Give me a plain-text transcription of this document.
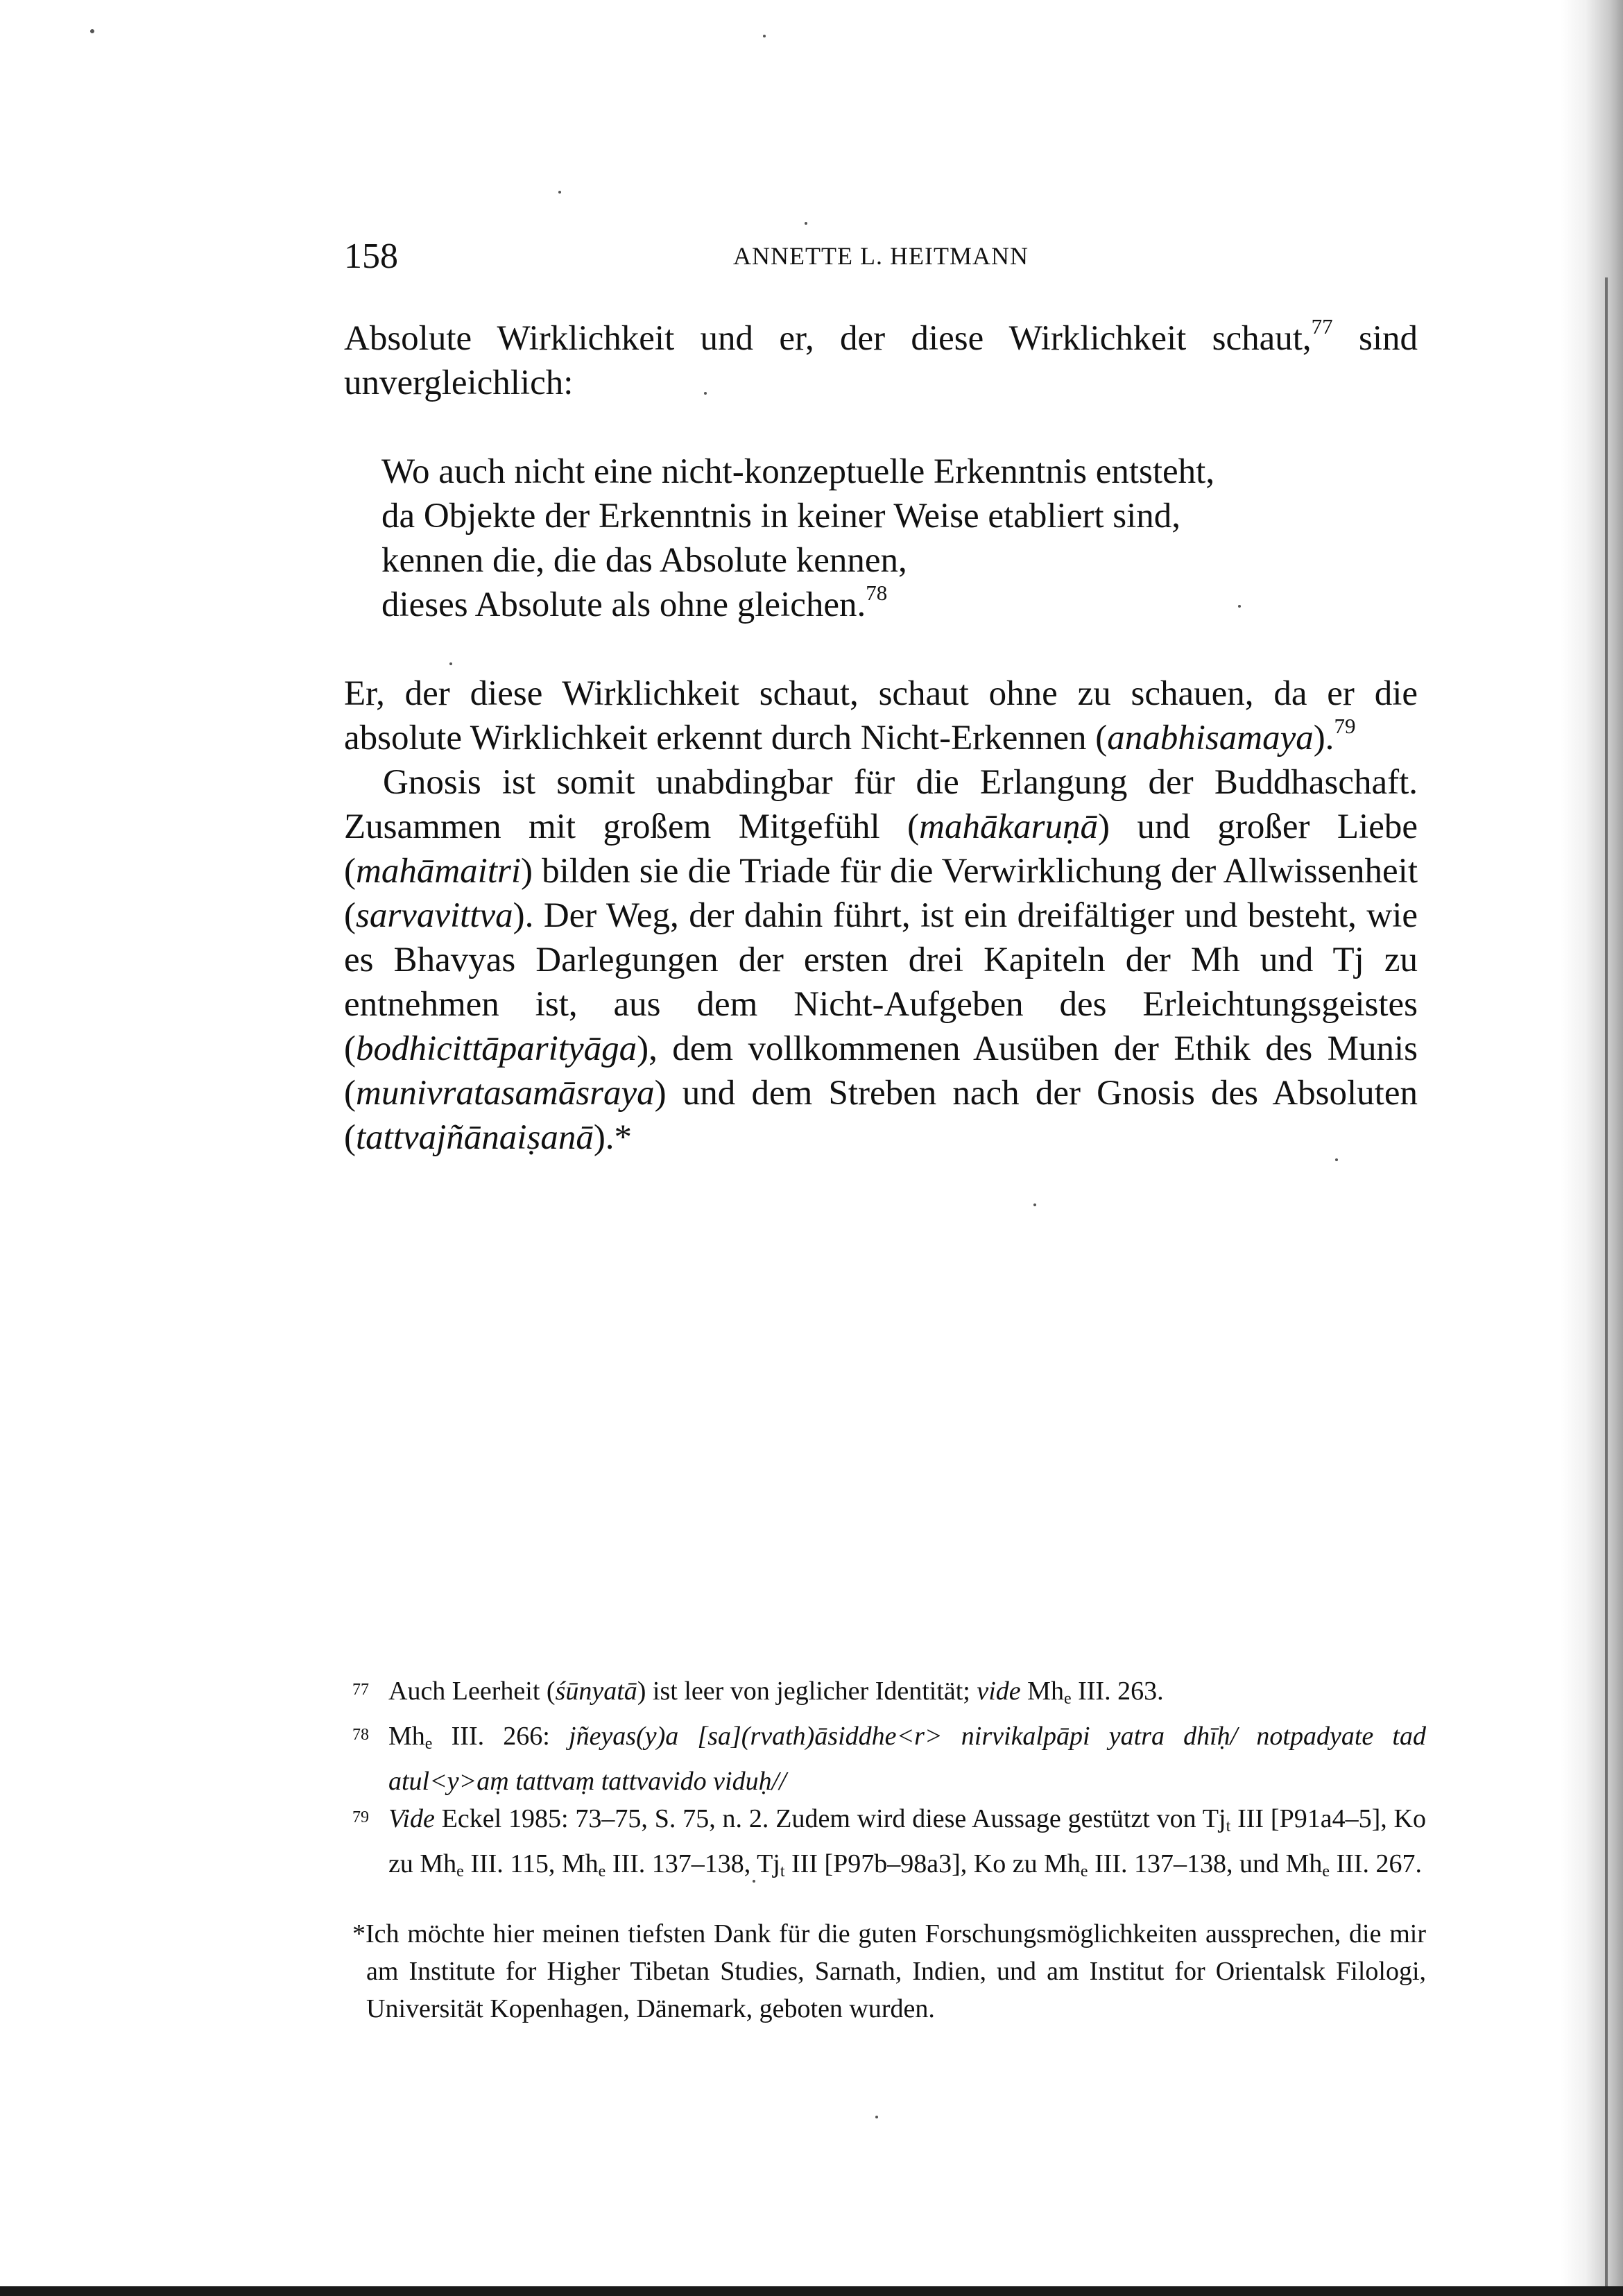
158	ANNETTE L. HEITMANN

Absolute Wirklichkeit und er, der diese Wirklichkeit schaut,$^{77}$ sind unvergleichlich:

Wo auch nicht eine nicht-konzeptuelle Erkenntnis entsteht,
da Objekte der Erkenntnis in keiner Weise etabliert sind,
kennen die, die das Absolute kennen,
dieses Absolute als ohne gleichen.$^{78}$

Er, der diese Wirklichkeit schaut, schaut ohne zu schauen, da er die absolute Wirklichkeit erkennt durch Nicht-Erkennen (anabhisamaya).$^{79}$

Gnosis ist somit unabdingbar für die Erlangung der Buddhaschaft. Zusammen mit großem Mitgefühl (mahākaruṇā) und großer Liebe (mahāmaitri) bilden sie die Triade für die Verwirklichung der Allwissenheit (sarvavittva). Der Weg, der dahin führt, ist ein dreifältiger und besteht, wie es Bhavyas Darlegungen der ersten drei Kapiteln der Mh und Tj zu entnehmen ist, aus dem Nicht-Aufgeben des Erleichtungsgeistes (bodhicittāparityāga), dem vollkommenen Ausüben der Ethik des Munis (munivratasamāsraya) und dem Streben nach der Gnosis des Absoluten (tattvajñānaiṣanā).*

77 Auch Leerheit (śūnyatā) ist leer von jeglicher Identität; vide $Mh_e$ III. 263.

78 $Mh_e$ III. 266: jñeyas(y)a [sa](rvath)āsiddhe<r> nirvikalpāpi yatra dhīḥ/ notpadyate tad atul<y>aṃ tattvaṃ tattvavido viduḥ//

79 Vide Eckel 1985: 73–75, S. 75, n. 2. Zudem wird diese Aussage gestützt von $Tj_t$ III [P91a4–5], Ko zu $Mh_e$ III. 115, $Mh_e$ III. 137–138, $Tj_t$ III [P97b–98a3], Ko zu $Mh_e$ III. 137–138, und $Mh_e$ III. 267.

*Ich möchte hier meinen tiefsten Dank für die guten Forschungsmöglichkeiten aussprechen, die mir am Institute for Higher Tibetan Studies, Sarnath, Indien, und am Institut for Orientalsk Filologi, Universität Kopenhagen, Dänemark, geboten wurden.
